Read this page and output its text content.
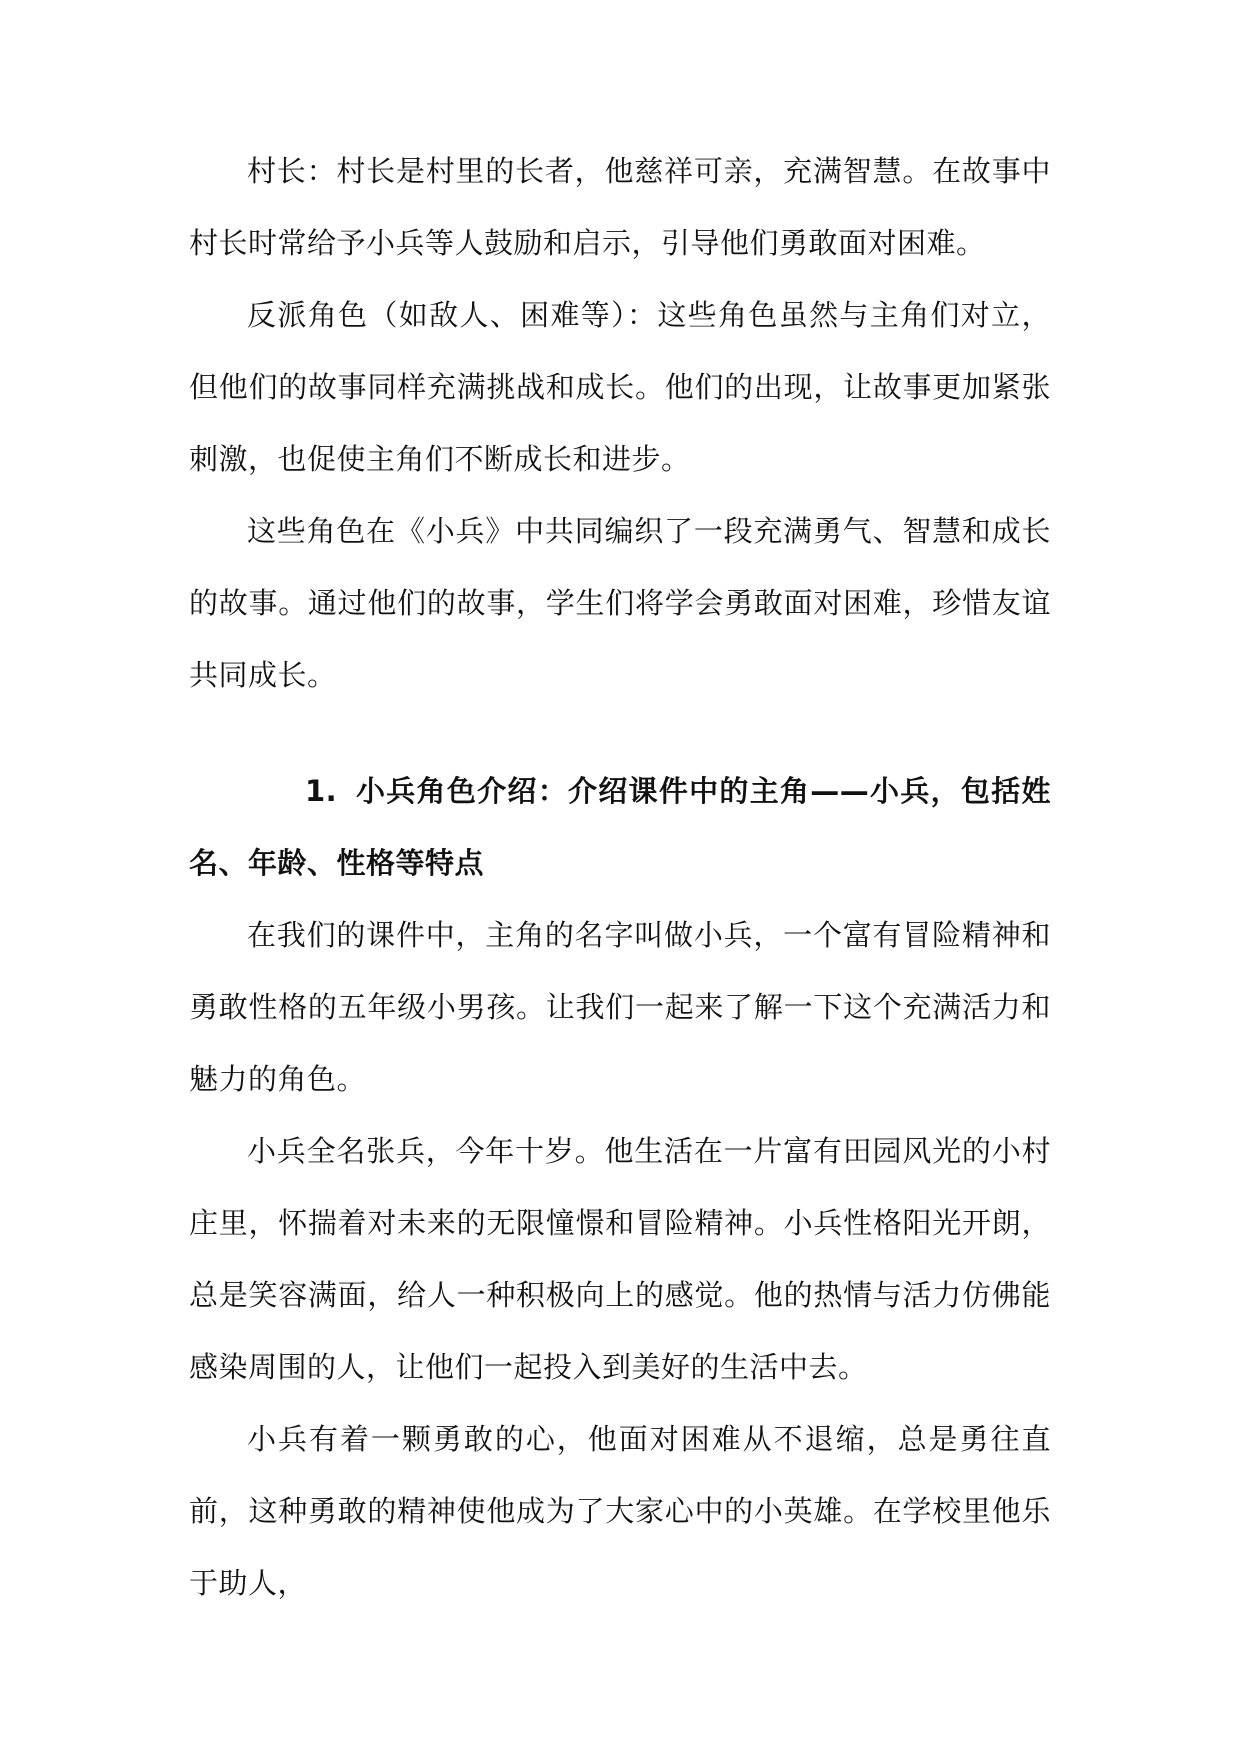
村长：村长是村里的长者，他慈祥可亲，充满智慧。在故事中村长时常给予小兵等人鼓励和启示，引导他们勇敢面对困难。

反派角色（如敌人、困难等）：这些角色虽然与主角们对立，但他们的故事同样充满挑战和成长。他们的出现，让故事更加紧张刺激，也促使主角们不断成长和进步。

这些角色在《小兵》中共同编织了一段充满勇气、智慧和成长的故事。通过他们的故事，学生们将学会勇敢面对困难，珍惜友谊共同成长。

1. 小兵角色介绍：介绍课件中的主角——小兵，包括姓名、年龄、性格等特点

在我们的课件中，主角的名字叫做小兵，一个富有冒险精神和勇敢性格的五年级小男孩。让我们一起来了解一下这个充满活力和魅力的角色。

小兵全名张兵，今年十岁。他生活在一片富有田园风光的小村庄里，怀揣着对未来的无限憧憬和冒险精神。小兵性格阳光开朗，总是笑容满面，给人一种积极向上的感觉。他的热情与活力仿佛能感染周围的人，让他们一起投入到美好的生活中去。

小兵有着一颗勇敢的心，他面对困难从不退缩，总是勇往直前，这种勇敢的精神使他成为了大家心中的小英雄。在学校里他乐于助人，
